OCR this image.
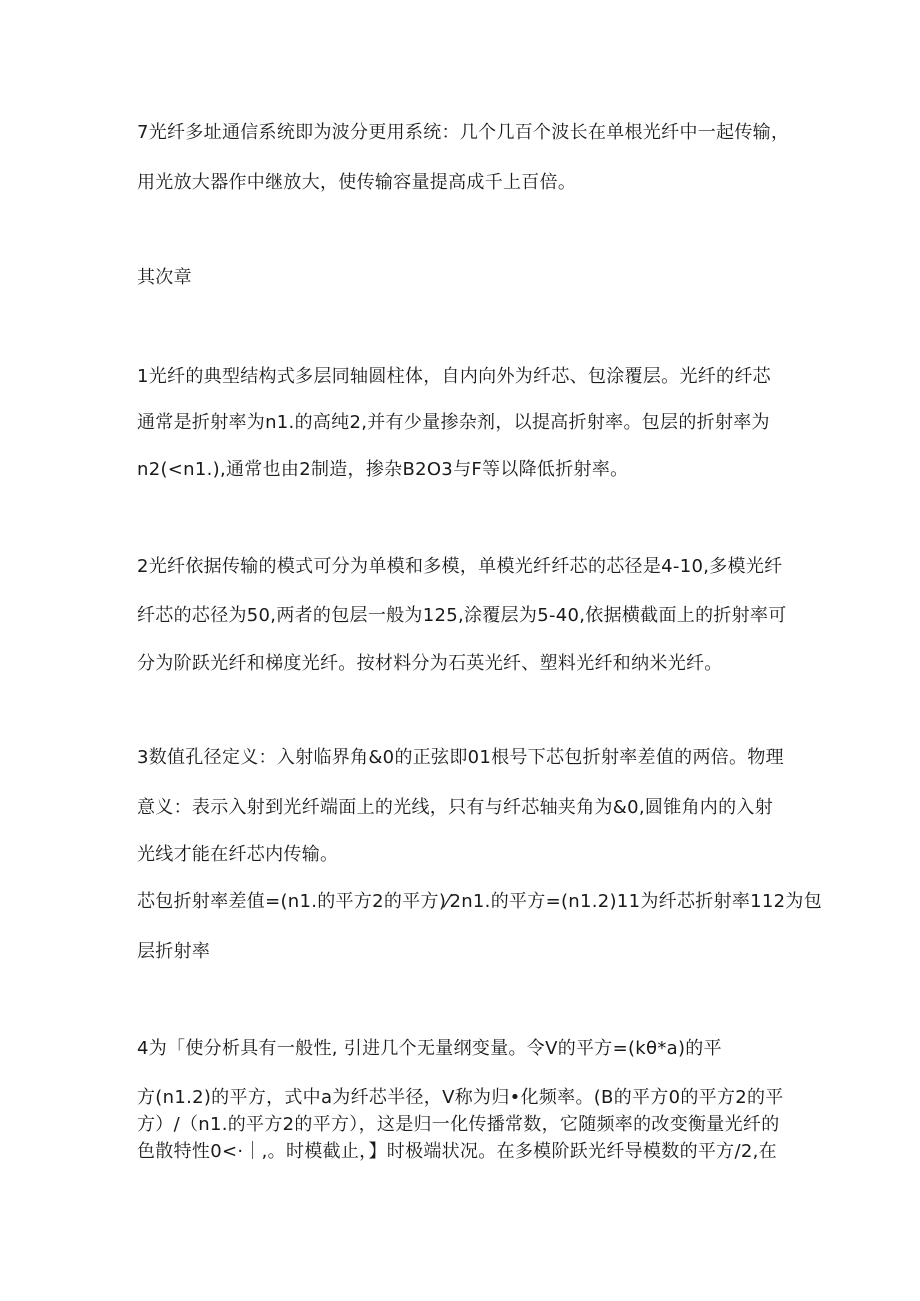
7光纤多址通信系统即为波分更用系统：几个几百个波长在单根光纤中一起传输，
用光放大器作中继放大，使传输容量提高成千上百倍。
其次章
1光纤的典型结构式多层同轴圆柱体，自内向外为纤芯、包涂覆层。光纤的纤芯
通常是折射率为n1.的高纯2,并有少量掺杂剂，以提高折射率。包层的折射率为
n2(<n1.),通常也由2制造，掺杂B2O3与F等以降低折射率。
2光纤依据传输的模式可分为单模和多模，单模光纤纤芯的芯径是4-10,多模光纤
纤芯的芯径为50,两者的包层一般为125,涂覆层为5-40,依据横截面上的折射率可
分为阶跃光纤和梯度光纤。按材料分为石英光纤、塑料光纤和纳米光纤。
3数值孔径定义：入射临界角&0的正弦即01根号下芯包折射率差值的两倍。物理
意义：表示入射到光纤端面上的光线，只有与纤芯轴夹角为&0,圆锥角内的入射
光线才能在纤芯内传输。
芯包折射率差值=(n1.的平方2的平方)⁄2n1.的平方=(n1.2)11为纤芯折射率112为包
层折射率
4为「使分析具有一般性, 引进几个无量纲变量。令V的平方=(kθ*a)的平
方(n1.2)的平方，式中a为纤芯半径，V称为归•化频率。(B的平方0的平方2的平
方）/（n1.的平方2的平方），这是归一化传播常数，它随频率的改变衡量光纤的
色散特性0<·｜,。时模截止，】时极端状况。在多模阶跃光纤导模数的平方/2,在
